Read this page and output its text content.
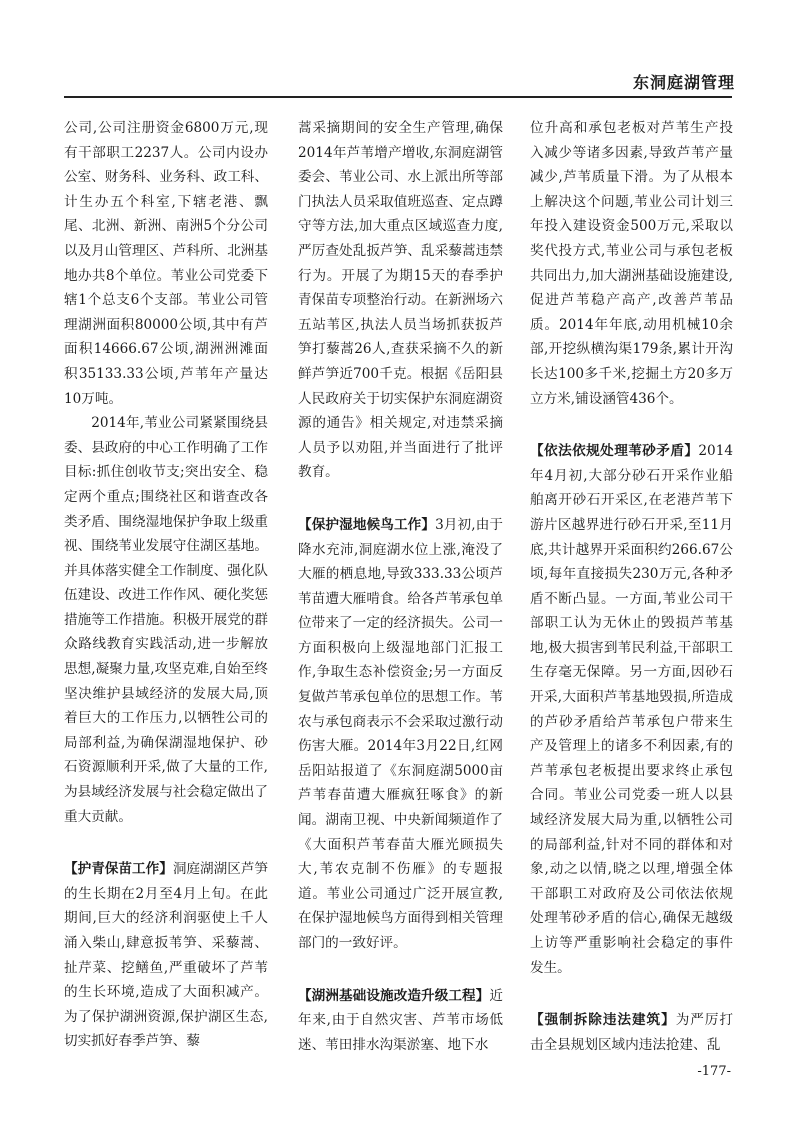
东洞庭湖管理

公司,公司注册资金6800万元,现有干部职工2237人。公司内设办公室、财务科、业务科、政工科、计生办五个科室,下辖老港、飘尾、北洲、新洲、南洲5个分公司以及月山管理区、芦科所、北洲基地办共8个单位。苇业公司党委下辖1个总支6个支部。苇业公司管理湖洲面积80000公顷,其中有芦面积14666.67公顷,湖洲洲滩面积35133.33公顷,芦苇年产量达10万吨。

2014年,苇业公司紧紧围绕县委、县政府的中心工作明确了工作目标:抓住创收节支;突出安全、稳定两个重点;围绕社区和谐查改各类矛盾、围绕湿地保护争取上级重视、围绕苇业发展守住湖区基地。并具体落实健全工作制度、强化队伍建设、改进工作作风、硬化奖惩措施等工作措施。积极开展党的群众路线教育实践活动,进一步解放思想,凝聚力量,攻坚克难,自始至终坚决维护县域经济的发展大局,顶着巨大的工作压力,以牺牲公司的局部利益,为确保湖湿地保护、砂石资源顺利开采,做了大量的工作,为县域经济发展与社会稳定做出了重大贡献。

【护青保苗工作】洞庭湖湖区芦笋的生长期在2月至4月上旬。在此期间,巨大的经济利润驱使上千人涌入柴山,肆意扳苇笋、采藜蒿、扯芹菜、挖鳝鱼,严重破坏了芦苇的生长环境,造成了大面积减产。为了保护湖洲资源,保护湖区生态,切实抓好春季芦笋、藜

蒿采摘期间的安全生产管理,确保2014年芦苇增产增收,东洞庭湖管委会、苇业公司、水上派出所等部门执法人员采取值班巡查、定点蹲守等方法,加大重点区域巡查力度,严厉查处乱扳芦笋、乱采藜蒿违禁行为。开展了为期15天的春季护青保苗专项整治行动。在新洲场六五站苇区,执法人员当场抓获扳芦笋打藜蒿26人,查获采摘不久的新鲜芦笋近700千克。根据《岳阳县人民政府关于切实保护东洞庭湖资源的通告》相关规定,对违禁采摘人员予以劝阻,并当面进行了批评教育。

【保护湿地候鸟工作】3月初,由于降水充沛,洞庭湖水位上涨,淹没了大雁的栖息地,导致333.33公顷芦苇苗遭大雁啃食。给各芦苇承包单位带来了一定的经济损失。公司一方面积极向上级湿地部门汇报工作,争取生态补偿资金;另一方面反复做芦苇承包单位的思想工作。苇农与承包商表示不会采取过激行动伤害大雁。2014年3月22日,红网岳阳站报道了《东洞庭湖5000亩芦苇春苗遭大雁疯狂啄食》的新闻。湖南卫视、中央新闻频道作了《大面积芦苇春苗大雁光顾损失大,苇农克制不伤雁》的专题报道。苇业公司通过广泛开展宣教,在保护湿地候鸟方面得到相关管理部门的一致好评。

【湖洲基础设施改造升级工程】近年来,由于自然灾害、芦苇市场低迷、苇田排水沟渠淤塞、地下水

位升高和承包老板对芦苇生产投入减少等诸多因素,导致芦苇产量减少,芦苇质量下滑。为了从根本上解决这个问题,苇业公司计划三年投入建设资金500万元,采取以奖代投方式,苇业公司与承包老板共同出力,加大湖洲基础设施建设,促进芦苇稳产高产,改善芦苇品质。2014年年底,动用机械10余部,开挖纵横沟渠179条,累计开沟长达100多千米,挖掘土方20多万立方米,铺设涵管436个。

【依法依规处理苇砂矛盾】2014年4月初,大部分砂石开采作业船舶离开砂石开采区,在老港芦苇下游片区越界进行砂石开采,至11月底,共计越界开采面积约266.67公顷,每年直接损失230万元,各种矛盾不断凸显。一方面,苇业公司干部职工认为无休止的毁损芦苇基地,极大损害到苇民利益,干部职工生存毫无保障。另一方面,因砂石开采,大面积芦苇基地毁损,所造成的芦砂矛盾给芦苇承包户带来生产及管理上的诸多不利因素,有的芦苇承包老板提出要求终止承包合同。苇业公司党委一班人以县域经济发展大局为重,以牺牲公司的局部利益,针对不同的群体和对象,动之以情,晓之以理,增强全体干部职工对政府及公司依法依规处理苇砂矛盾的信心,确保无越级上访等严重影响社会稳定的事件发生。

【强制拆除违法建筑】为严厉打击全县规划区域内违法抢建、乱

-177-
